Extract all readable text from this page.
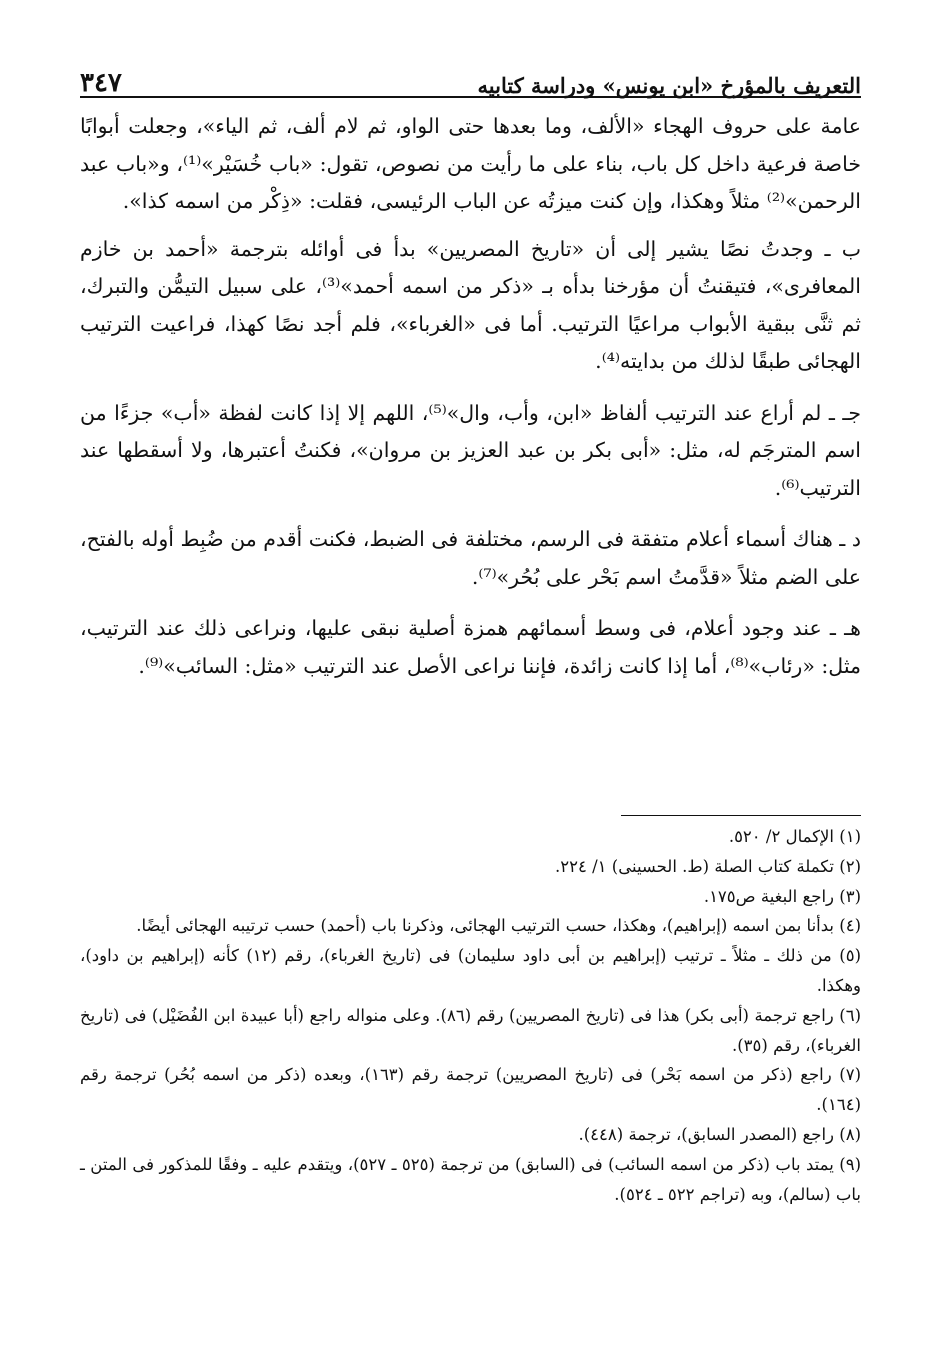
التعريف بالمؤرخ «ابن يونس» ودراسة كتابيه
٣٤٧

عامة على حروف الهجاء «الألف، وما بعدها حتى الواو، ثم لام ألف، ثم الياء»، وجعلت أبوابًا خاصة فرعية داخل كل باب، بناء على ما رأيت من نصوص، تقول: «باب خُسَيْر»⁽¹⁾، و«باب عبد الرحمن»⁽²⁾ مثلاً وهكذا، وإن كنت ميزتُه عن الباب الرئيسى، فقلت: «ذِكْر من اسمه كذا».

ب ـ وجدتُ نصًا يشير إلى أن «تاريخ المصريين» بدأ فى أوائله بترجمة «أحمد بن خازم المعافرى»، فتيقنتُ أن مؤرخنا بدأه بـ «ذكر من اسمه أحمد»⁽³⁾، على سبيل التيمُّن والتبرك، ثم ثنَّى ببقية الأبواب مراعيًا الترتيب. أما فى «الغرباء»، فلم أجد نصًا كهذا، فراعيت الترتيب الهجائى طبقًا لذلك من بدايته⁽⁴⁾.

جـ ـ لم أراع عند الترتيب ألفاظ «ابن، وأب، وال»⁽⁵⁾، اللهم إلا إذا كانت لفظة «أب» جزءًا من اسم المترجَم له، مثل: «أبى بكر بن عبد العزيز بن مروان»، فكنتُ أعتبرها، ولا أسقطها عند الترتيب⁽⁶⁾.

د ـ هناك أسماء أعلام متفقة فى الرسم، مختلفة فى الضبط، فكنت أقدم من ضُبِط أوله بالفتح، على الضم مثلاً «قدَّمتُ اسم بَحْر على بُحُر»⁽⁷⁾.

هـ ـ عند وجود أعلام، فى وسط أسمائهم همزة أصلية نبقى عليها، ونراعى ذلك عند الترتيب، مثل: «رئاب»⁽⁸⁾، أما إذا كانت زائدة، فإننا نراعى الأصل عند الترتيب «مثل: السائب»⁽⁹⁾.

(١) الإكمال ٢/ ٥٢٠.

(٢) تكملة كتاب الصلة (ط. الحسينى) ١/ ٢٢٤.

(٣) راجع البغية ص١٧٥.

(٤) بدأنا بمن اسمه (إبراهيم)، وهكذا، حسب الترتيب الهجائى، وذكرنا باب (أحمد) حسب ترتيبه الهجائى أيضًا.

(٥) من ذلك ـ مثلاً ـ ترتيب (إبراهيم بن أبى داود سليمان) فى (تاريخ الغرباء)، رقم (١٢) كأنه (إبراهيم بن داود)، وهكذا.

(٦) راجع ترجمة (أبى بكر) هذا فى (تاريخ المصريين) رقم (٨٦). وعلى منواله راجع (أبا عبيدة ابن الفُضَيْل) فى (تاريخ الغرباء)، رقم (٣٥).

(٧) راجع (ذكر من اسمه بَحْر) فى (تاريخ المصريين) ترجمة رقم (١٦٣)، وبعده (ذكر من اسمه بُحُر) ترجمة رقم (١٦٤).

(٨) راجع (المصدر السابق)، ترجمة (٤٤٨).

(٩) يمتد باب (ذكر من اسمه السائب) فى (السابق) من ترجمة (٥٢٥ ـ ٥٢٧)، ويتقدم عليه ـ وفقًا للمذكور فى المتن ـ باب (سالم)، وبه (تراجم ٥٢٢ ـ ٥٢٤).
